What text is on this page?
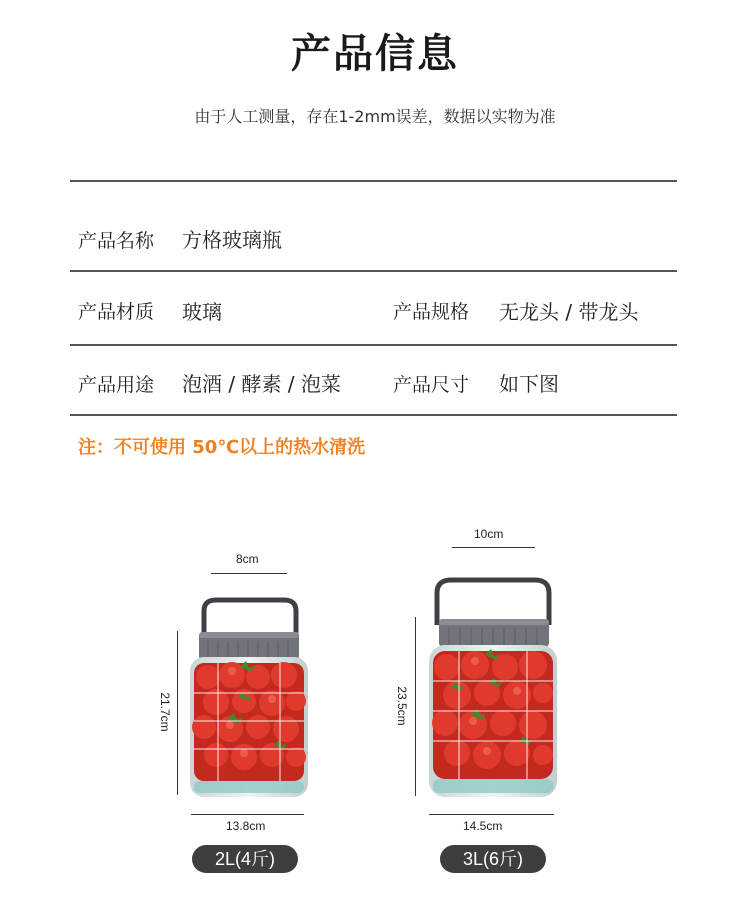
产品信息
由于人工测量，存在1-2mm误差，数据以实物为准
产品名称 方格玻璃瓶
产品材质 玻璃	产品规格 无龙头 / 带龙头
产品用途 泡酒 / 酵素 / 泡菜	产品尺寸 如下图
注：不可使用 50℃以上的热水清洗
8cm
21.7cm
13.8cm
2L(4斤)
10cm
23.5cm
14.5cm
3L(6斤)
